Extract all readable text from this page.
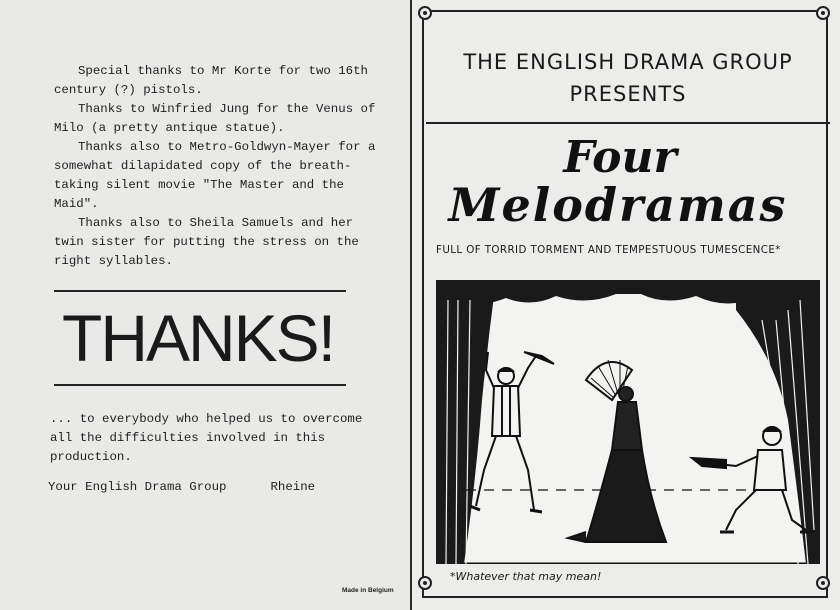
Special thanks to Mr Korte for two 16th century (?) pistols.

Thanks to Winfried Jung for the Venus of Milo (a pretty antique statue).

Thanks also to Metro-Goldwyn-Mayer for a somewhat dilapidated copy of the breath-taking silent movie "The Master and the Maid".

Thanks also to Sheila Samuels and her twin sister for putting the stress on the right syllables.

THANKS!
... to everybody who helped us to overcome all the difficulties involved in this production.
Your English Drama Group	Rheine
Made in Belgium
THE ENGLISH DRAMA GROUP
PRESENTS
Four
Melodramas
FULL OF TORRID TORMENT AND TEMPESTUOUS TUMESCENCE*
*Whatever that may mean!
